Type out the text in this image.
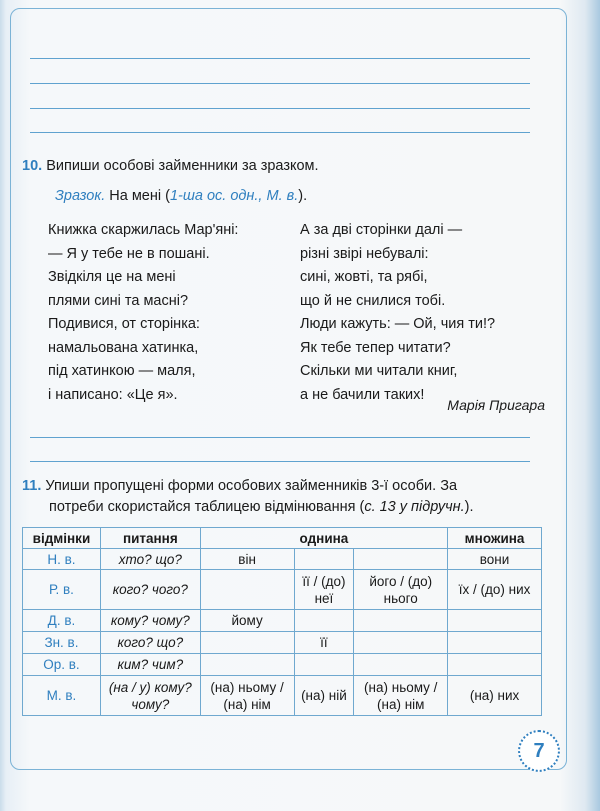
10. Випиши особові займенники за зразком.
Зразок. На мені (1-ша ос. одн., М. в.).
Книжка скаржилась Мар'яні:
— Я у тебе не в пошані.
Звідкіля це на мені
плями сині та масні?
Подивися, от сторінка:
намальована хатинка,
під хатинкою — маля,
і написано: «Це я».
А за дві сторінки далі —
різні звірі небувалі:
сині, жовті, та рябі,
що й не снилися тобі.
Люди кажуть: — Ой, чия ти!?
Як тебе тепер читати?
Скільки ми читали книг,
а не бачили таких!
Марія Пригара
11. Упиши пропущені форми особових займенників 3-ї особи. За
потреби скористайся таблицею відмінювання (с. 13 у підручн.).
відмінки	питання	однина			множина
Н. в.	хто? що?	він			вони
Р. в.	кого? чого?		її / (до) неї	його / (до) нього	їх / (до) них
Д. в.	кому? чому?	йому			
Зн. в.	кого? що?		її		
Ор. в.	ким? чим?				
М. в.	(на / у) кому? чому?	(на) ньому / (на) нім	(на) ній	(на) ньому / (на) нім	(на) них
7
